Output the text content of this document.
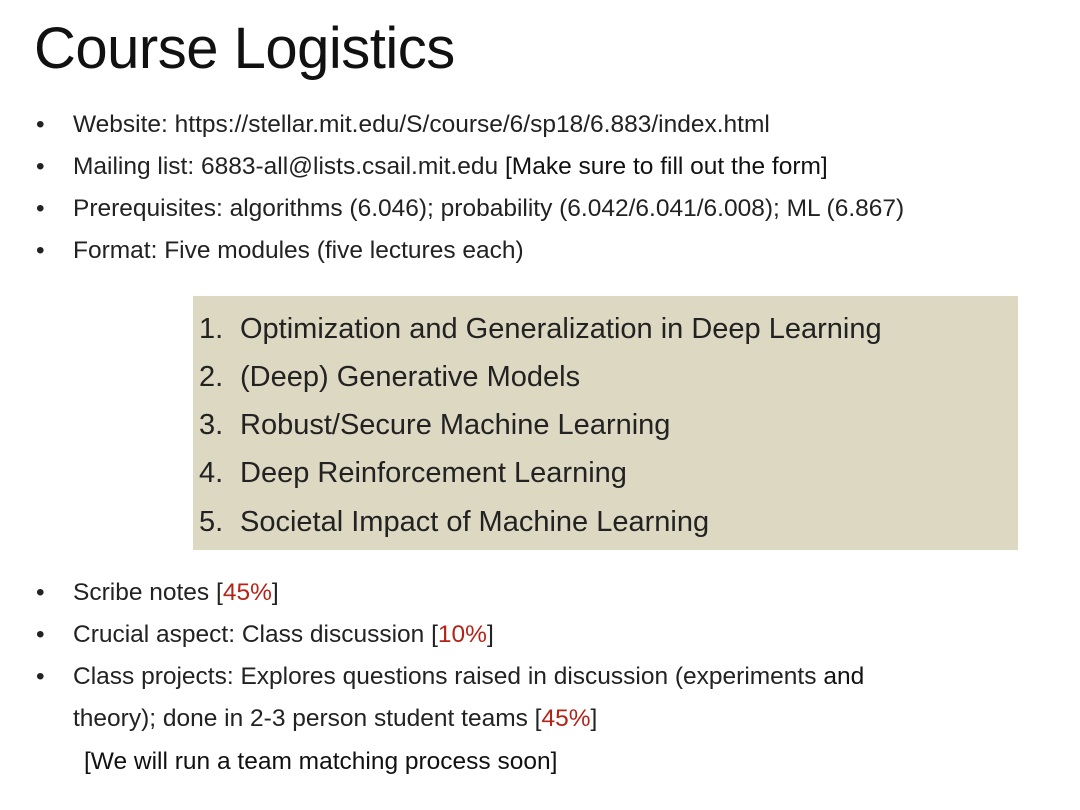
Course Logistics
• Website: https://stellar.mit.edu/S/course/6/sp18/6.883/index.html
• Mailing list: 6883-all@lists.csail.mit.edu [Make sure to fill out the form]
• Prerequisites: algorithms (6.046); probability (6.042/6.041/6.008); ML (6.867)
• Format: Five modules (five lectures each)
1. Optimization and Generalization in Deep Learning
2. (Deep) Generative Models
3. Robust/Secure Machine Learning
4. Deep Reinforcement Learning
5. Societal Impact of Machine Learning
• Scribe notes [45%]
• Crucial aspect: Class discussion [10%]
• Class projects: Explores questions raised in discussion (experiments and
theory); done in 2-3 person student teams [45%]
[We will run a team matching process soon]
